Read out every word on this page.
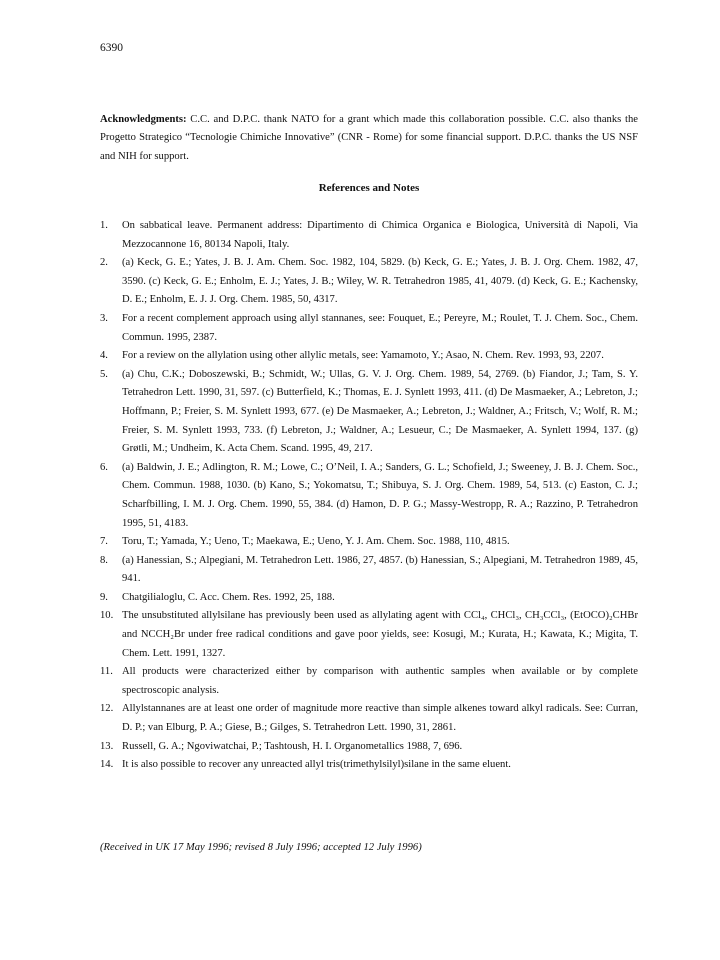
6390

Acknowledgments: C.C. and D.P.C. thank NATO for a grant which made this collaboration possible. C.C. also thanks the Progetto Strategico “Tecnologie Chimiche Innovative” (CNR - Rome) for some financial support. D.P.C. thanks the US NSF and NIH for support.

References and Notes
1.	On sabbatical leave. Permanent address: Dipartimento di Chimica Organica e Biologica, Università di Napoli, Via Mezzocannone 16, 80134 Napoli, Italy.
2.	(a) Keck, G. E.; Yates, J. B. J. Am. Chem. Soc. 1982, 104, 5829. (b) Keck, G. E.; Yates, J. B. J. Org. Chem. 1982, 47, 3590. (c) Keck, G. E.; Enholm, E. J.; Yates, J. B.; Wiley, W. R. Tetrahedron 1985, 41, 4079. (d) Keck, G. E.; Kachensky, D. E.; Enholm, E. J. J. Org. Chem. 1985, 50, 4317.
3.	For a recent complement approach using allyl stannanes, see: Fouquet, E.; Pereyre, M.; Roulet, T. J. Chem. Soc., Chem. Commun. 1995, 2387.
4.	For a review on the allylation using other allylic metals, see: Yamamoto, Y.; Asao, N. Chem. Rev. 1993, 93, 2207.
5.	(a) Chu, C.K.; Doboszewski, B.; Schmidt, W.; Ullas, G. V. J. Org. Chem. 1989, 54, 2769. (b) Fiandor, J.; Tam, S. Y. Tetrahedron Lett. 1990, 31, 597. (c) Butterfield, K.; Thomas, E. J. Synlett 1993, 411. (d) De Masmaeker, A.; Lebreton, J.; Hoffmann, P.; Freier, S. M. Synlett 1993, 677. (e) De Masmaeker, A.; Lebreton, J.; Waldner, A.; Fritsch, V.; Wolf, R. M.; Freier, S. M. Synlett 1993, 733. (f) Lebreton, J.; Waldner, A.; Lesueur, C.; De Masmaeker, A. Synlett 1994, 137. (g) Grøtli, M.; Undheim, K. Acta Chem. Scand. 1995, 49, 217.
6.	(a) Baldwin, J. E.; Adlington, R. M.; Lowe, C.; O’Neil, I. A.; Sanders, G. L.; Schofield, J.; Sweeney, J. B. J. Chem. Soc., Chem. Commun. 1988, 1030. (b) Kano, S.; Yokomatsu, T.; Shibuya, S. J. Org. Chem. 1989, 54, 513. (c) Easton, C. J.; Scharfbilling, I. M. J. Org. Chem. 1990, 55, 384. (d) Hamon, D. P. G.; Massy-Westropp, R. A.; Razzino, P. Tetrahedron 1995, 51, 4183.
7.	Toru, T.; Yamada, Y.; Ueno, T.; Maekawa, E.; Ueno, Y. J. Am. Chem. Soc. 1988, 110, 4815.
8.	(a) Hanessian, S.; Alpegiani, M. Tetrahedron Lett. 1986, 27, 4857. (b) Hanessian, S.; Alpegiani, M. Tetrahedron 1989, 45, 941.
9.	Chatgilialoglu, C. Acc. Chem. Res. 1992, 25, 188.
10. The unsubstituted allylsilane has previously been used as allylating agent with CCl₄, CHCl₃, CH₃CCl₃, (EtOCO)₂CHBr and NCCH₂Br under free radical conditions and gave poor yields, see: Kosugi, M.; Kurata, H.; Kawata, K.; Migita, T. Chem. Lett. 1991, 1327.
11. All products were characterized either by comparison with authentic samples when available or by complete spectroscopic analysis.
12. Allylstannanes are at least one order of magnitude more reactive than simple alkenes toward alkyl radicals. See: Curran, D. P.; van Elburg, P. A.; Giese, B.; Gilges, S. Tetrahedron Lett. 1990, 31, 2861.
13. Russell, G. A.; Ngoviwatchai, P.; Tashtoush, H. I. Organometallics 1988, 7, 696.
14. It is also possible to recover any unreacted allyl tris(trimethylsilyl)silane in the same eluent.
(Received in UK 17 May 1996; revised 8 July 1996; accepted 12 July 1996)
